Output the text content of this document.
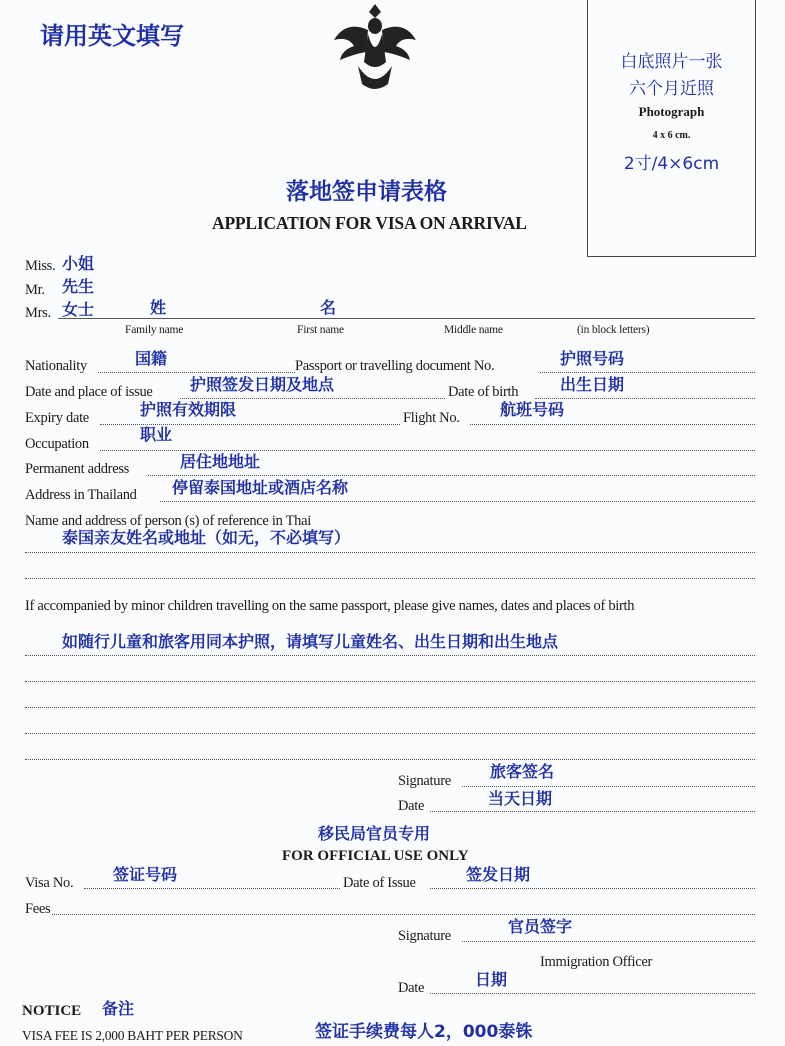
请用英文填写
白底照片一张
六个月近照
Photograph
4 x 6 cm.
2寸/4×6cm
落地签申请表格
APPLICATION FOR VISA ON ARRIVAL
Miss. 小姐
Mr. 先生
Mrs. 女士	姓	名
Family name	First name	Middle name	(in block letters)
Nationality	国籍	Passport or travelling document No.	护照号码
Date and place of issue 护照签发日期及地点	Date of birth	出生日期
Expiry date	护照有效期限	Flight No.	航班号码
Occupation	职业
Permanent address	居住地地址
Address in Thailand 停留泰国地址或酒店名称
Name and address of person (s) of reference in Thai
泰国亲友姓名或地址（如无，不必填写）
If accompanied by minor children travelling on the same passport, please give names, dates and places of birth
如随行儿童和旅客用同本护照，请填写儿童姓名、出生日期和出生地点
Signature 旅客签名
Date	当天日期
移民局官员专用
FOR OFFICIAL USE ONLY
Visa No. 签证号码	Date of Issue	签发日期
Fees
Signature	官员签字
Immigration Officer
Date	日期
NOTICE 备注
VISA FEE IS 2,000 BAHT PER PERSON	签证手续费每人2，000泰铢
